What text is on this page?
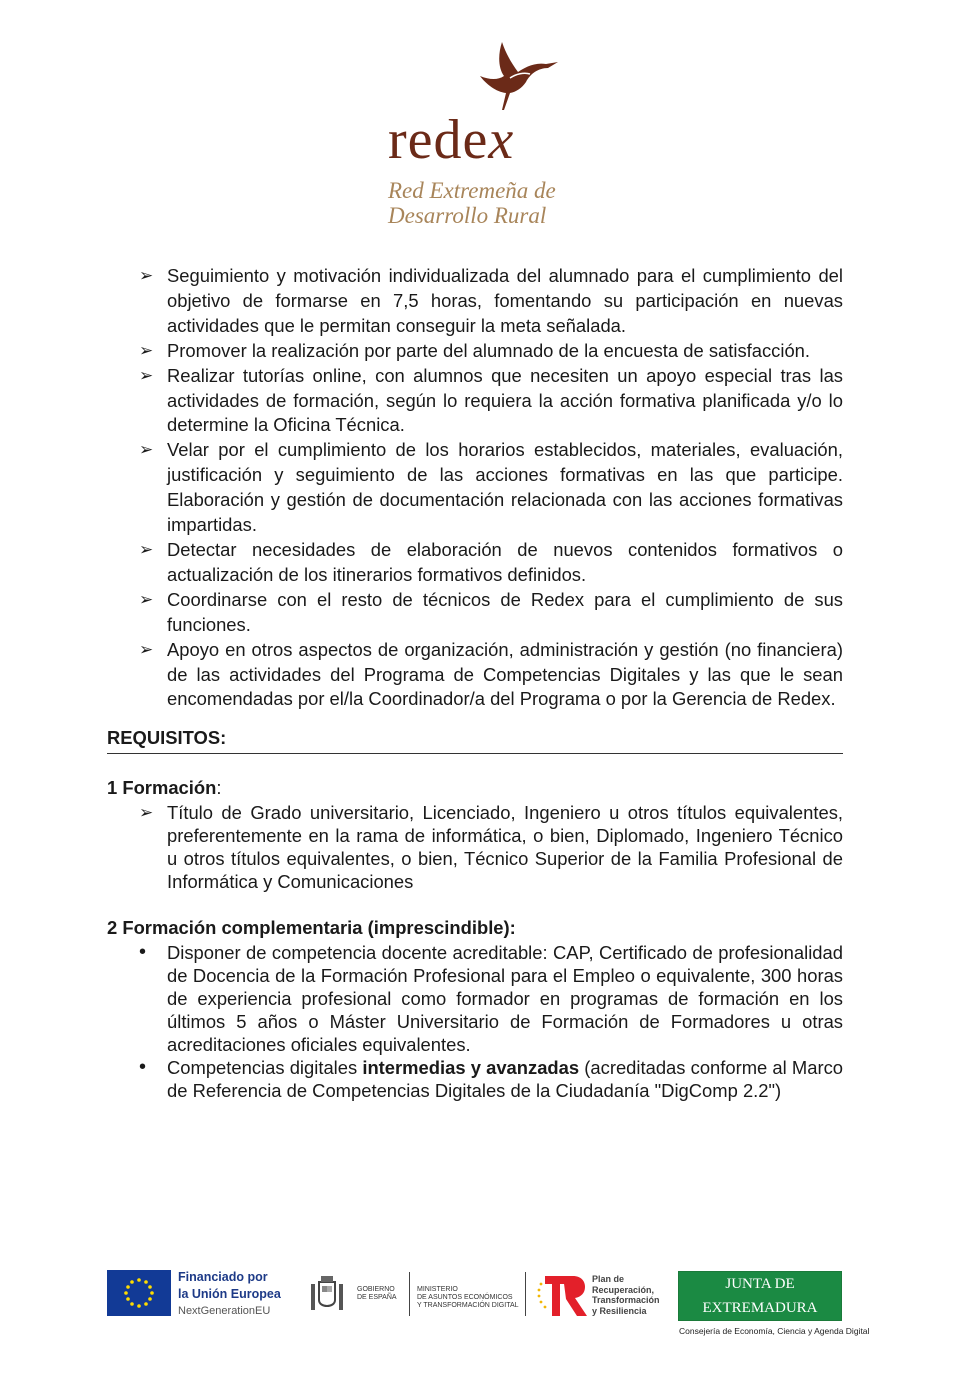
redex
Red Extremeña de
Desarrollo Rural
➢ Seguimiento y motivación individualizada del alumnado para el cumplimiento del objetivo de formarse en 7,5 horas, fomentando su participación en nuevas actividades que le permitan conseguir la meta señalada.
➢ Promover la realización por parte del alumnado de la encuesta de satisfacción.
➢ Realizar tutorías online, con alumnos que necesiten un apoyo especial tras las actividades de formación, según lo requiera la acción formativa planificada y/o lo determine la Oficina Técnica.
➢ Velar por el cumplimiento de los horarios establecidos, materiales, evaluación, justificación y seguimiento de las acciones formativas en las que participe. Elaboración y gestión de documentación relacionada con las acciones formativas impartidas.
➢ Detectar necesidades de elaboración de nuevos contenidos formativos o actualización de los itinerarios formativos definidos.
➢ Coordinarse con el resto de técnicos de Redex para el cumplimiento de sus funciones.
➢ Apoyo en otros aspectos de organización, administración y gestión (no financiera) de las actividades del Programa de Competencias Digitales y las que le sean encomendadas por el/la Coordinador/a del Programa o por la Gerencia de Redex.
REQUISITOS:

1 Formación:

➢ Título de Grado universitario, Licenciado, Ingeniero u otros títulos equivalentes, preferentemente en la rama de informática, o bien, Diplomado, Ingeniero Técnico u otros títulos equivalentes, o bien, Técnico Superior de la Familia Profesional de Informática y Comunicaciones

2 Formación complementaria (imprescindible):

•	Disponer de competencia docente acreditable: CAP, Certificado de profesionalidad de Docencia de la Formación Profesional para el Empleo o equivalente, 300 horas de experiencia profesional como formador en programas de formación en los últimos 5 años o Máster Universitario de Formación de Formadores u otras acreditaciones oficiales equivalentes.
•	Competencias digitales intermedias y avanzadas (acreditadas conforme al Marco de Referencia de Competencias Digitales de la Ciudadanía "DigComp 2.2")
Financiado por
la Unión Europea
NextGenerationEU
GOBIERNO
DE ESPAÑA
MINISTERIO
DE ASUNTOS ECONÓMICOS
Y TRANSFORMACIÓN DIGITAL
Plan de
Recuperación,
Transformación
y Resiliencia
JUNTA DE EXTREMADURA
Consejería de Economía, Ciencia y Agenda Digital
